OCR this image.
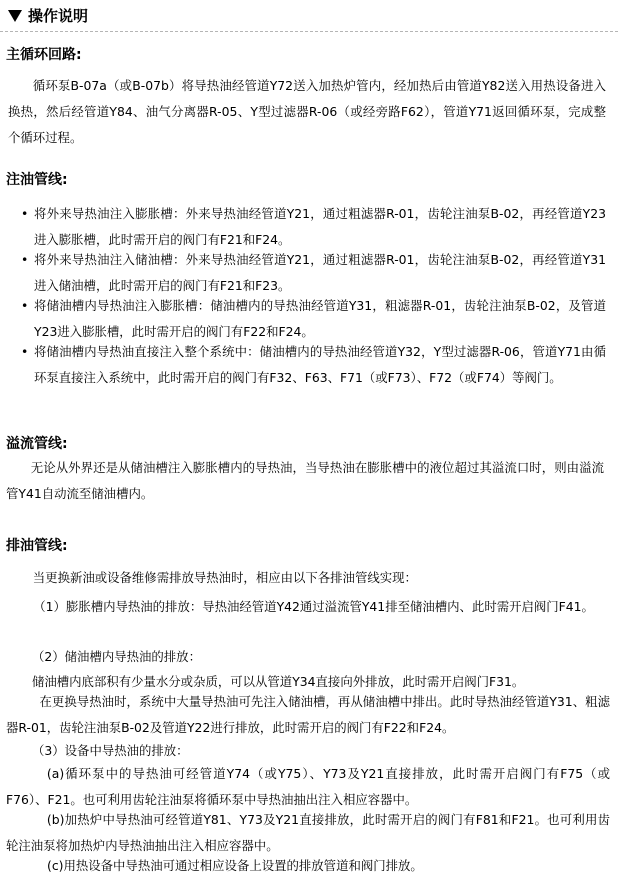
操作说明
主循环回路:

循环泵B-07a（或B-07b）将导热油经管道Y72送入加热炉管内，经加热后由管道Y82送入用热设备进入换热，然后经管道Y84、油气分离器R-05、Y型过滤器R-06（或经旁路F62），管道Y71返回循环泵，完成整个循环过程。

注油管线:
• 将外来导热油注入膨胀槽：外来导热油经管道Y21，通过粗滤器R-01，齿轮注油泵B-02，再经管道Y23进入膨胀槽，此时需开启的阀门有F21和F24。
• 将外来导热油注入储油槽：外来导热油经管道Y21，通过粗滤器R-01，齿轮注油泵B-02，再经管道Y31进入储油槽，此时需开启的阀门有F21和F23。
• 将储油槽内导热油注入膨胀槽：储油槽内的导热油经管道Y31，粗滤器R-01，齿轮注油泵B-02，及管道Y23进入膨胀槽，此时需开启的阀门有F22和F24。
• 将储油槽内导热油直接注入整个系统中：储油槽内的导热油经管道Y32，Y型过滤器R-06，管道Y71由循环泵直接注入系统中，此时需开启的阀门有F32、F63、F71（或F73）、F72（或F74）等阀门。
溢流管线:

无论从外界还是从储油槽注入膨胀槽内的导热油，当导热油在膨胀槽中的液位超过其溢流口时，则由溢流管Y41自动流至储油槽内。

排油管线:

当更换新油或设备维修需排放导热油时，相应由以下各排油管线实现：

（1）膨胀槽内导热油的排放：导热油经管道Y42通过溢流管Y41排至储油槽内、此时需开启阀门F41。

（2）储油槽内导热油的排放：
储油槽内底部积有少量水分或杂质，可以从管道Y34直接向外排放，此时需开启阀门F31。

在更换导热油时，系统中大量导热油可先注入储油槽，再从储油槽中排出。此时导热油经管道Y31、粗滤器R-01，齿轮注油泵B-02及管道Y22进行排放，此时需开启的阀门有F22和F24。

（3）设备中导热油的排放：

(a)循环泵中的导热油可经管道Y74（或Y75）、Y73及Y21直接排放，此时需开启阀门有F75（或F76）、F21。也可利用齿轮注油泵将循环泵中导热油抽出注入相应容器中。

(b)加热炉中导热油可经管道Y81、Y73及Y21直接排放，此时需开启的阀门有F81和F21。也可利用齿轮注油泵将加热炉内导热油抽出注入相应容器中。

(c)用热设备中导热油可通过相应设备上设置的排放管道和阀门排放。
